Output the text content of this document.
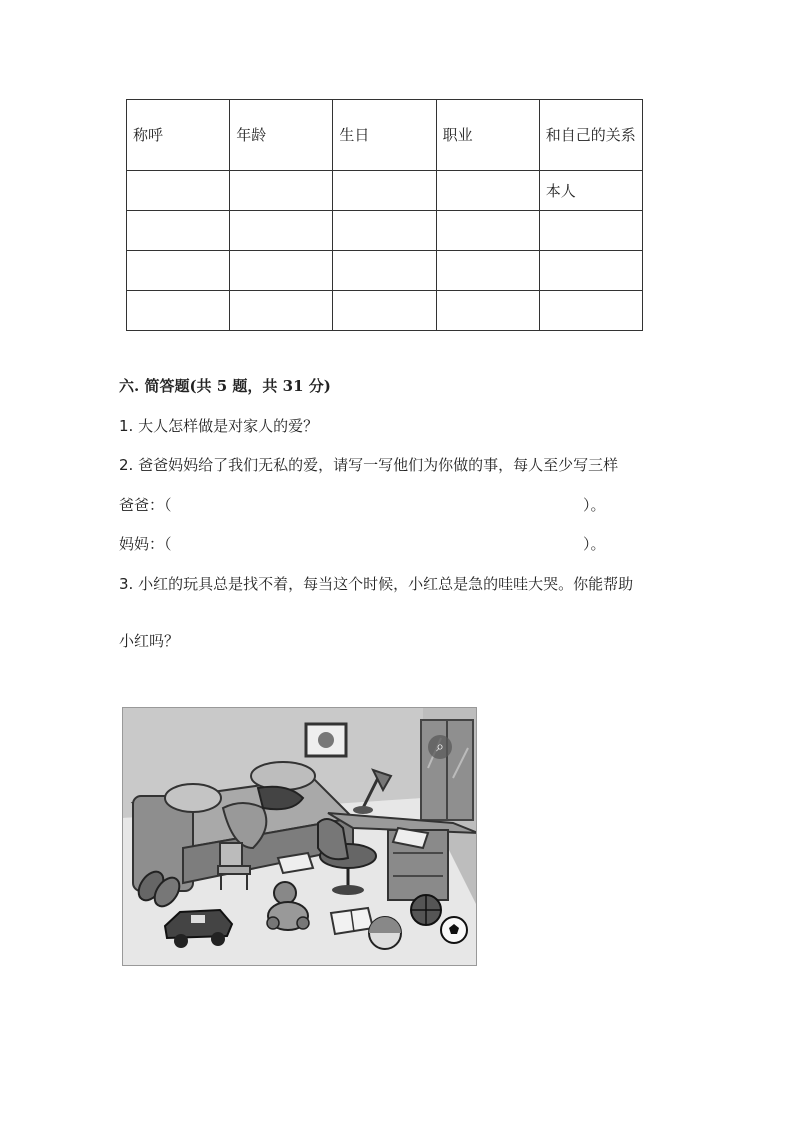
称呼	年龄	生日	职业	和自己的关系
				本人

六. 简答题(共 5 题，共 31 分)
1. 大人怎样做是对家人的爱？
2. 爸爸妈妈给了我们无私的爱，请写一写他们为你做的事，每人至少写三样
爸爸：（	）。
妈妈：（	）。
3. 小红的玩具总是找不着，每当这个时候，小红总是急的哇哇大哭。你能帮助
小红吗？
⌕
